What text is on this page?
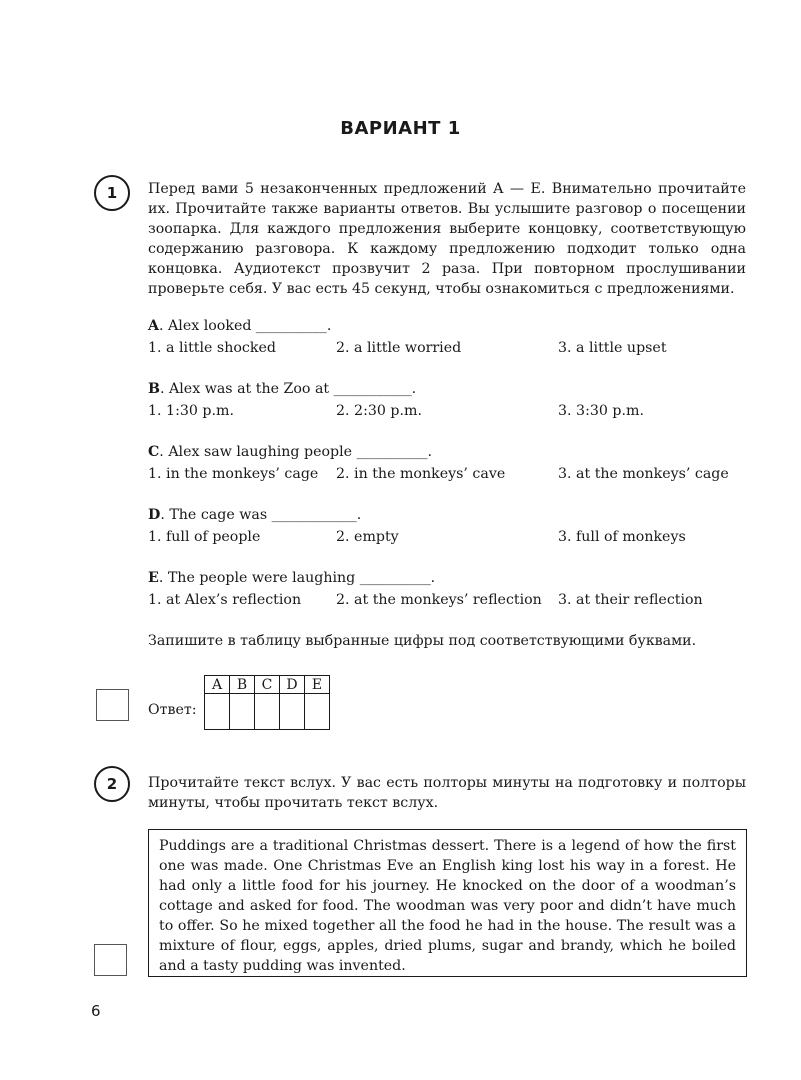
ВАРИАНТ 1
1	Перед вами 5 незаконченных предложений A — E. Внимательно прочитайте их. Прочитайте также варианты ответов. Вы услышите разговор о посещении зоопарка. Для каждого предложения выберите концовку, соответствующую содержанию разговора. К каждому предложению подходит только одна концовка. Аудиотекст прозвучит 2 раза. При повторном прослушивании проверьте себя. У вас есть 45 секунд, чтобы ознакомиться с предложениями.
A. Alex looked __________.
1. a little shocked	2. a little worried	3. a little upset
B. Alex was at the Zoo at ___________.
1. 1:30 p.m.	2. 2:30 p.m.	3. 3:30 p.m.
C. Alex saw laughing people __________.
1. in the monkeys’ cage 2. in the monkeys’ cave	3. at the monkeys’ cage
D. The cage was ____________.
1. full of people	2. empty	3. full of monkeys
E. The people were laughing __________.
1. at Alex’s reflection 2. at the monkeys’ reflection 3. at their reflection
Запишите в таблицу выбранные цифры под соответствующими буквами.
Ответ:
A	B	C	D	E

2	Прочитайте текст вслух. У вас есть полторы минуты на подготовку и полторы минуты, чтобы прочитать текст вслух.
Puddings are a traditional Christmas dessert. There is a legend of how the first one was made. One Christmas Eve an English king lost his way in a forest. He had only a little food for his journey. He knocked on the door of a woodman’s cottage and asked for food. The woodman was very poor and didn’t have much to offer. So he mixed together all the food he had in the house. The result was a mixture of flour, eggs, apples, dried plums, sugar and brandy, which he boiled and a tasty pudding was invented.
6
